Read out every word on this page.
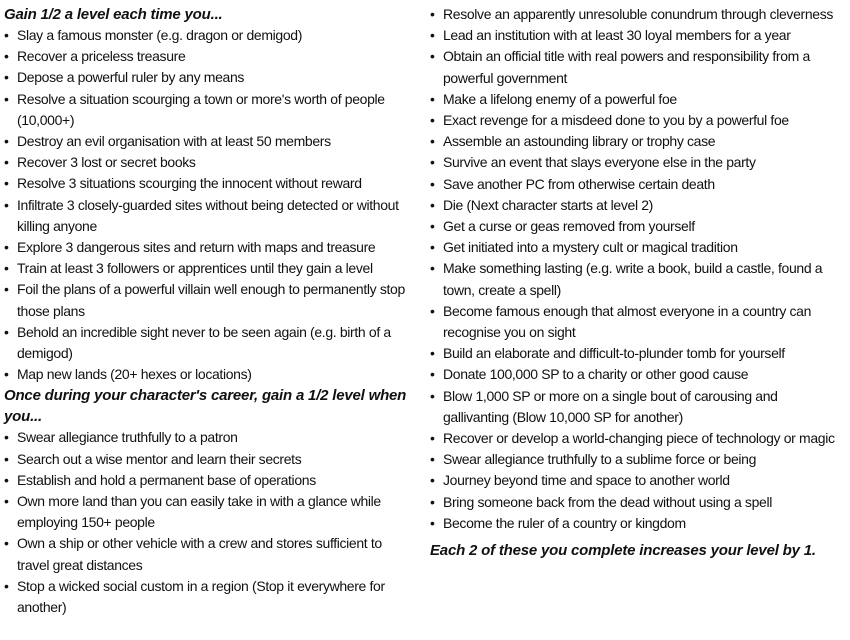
Gain 1/2 a level each time you...
• Slay a famous monster (e.g. dragon or demigod)
• Recover a priceless treasure
• Depose a powerful ruler by any means
• Resolve a situation scourging a town or more's worth of people (10,000+)
• Destroy an evil organisation with at least 50 members
• Recover 3 lost or secret books
• Resolve 3 situations scourging the innocent without reward
• Infiltrate 3 closely-guarded sites without being detected or without killing anyone
• Explore 3 dangerous sites and return with maps and treasure
• Train at least 3 followers or apprentices until they gain a level
• Foil the plans of a powerful villain well enough to permanently stop those plans
• Behold an incredible sight never to be seen again (e.g. birth of a demigod)
• Map new lands (20+ hexes or locations)
Once during your character's career, gain a 1/2 level when you...
• Swear allegiance truthfully to a patron
• Search out a wise mentor and learn their secrets
• Establish and hold a permanent base of operations
• Own more land than you can easily take in with a glance while employing 150+ people
• Own a ship or other vehicle with a crew and stores sufficient to travel great distances
• Stop a wicked social custom in a region (Stop it everywhere for another)
• Resolve an apparently unresoluble conundrum through cleverness
• Lead an institution with at least 30 loyal members for a year
• Obtain an official title with real powers and responsibility from a powerful government
• Make a lifelong enemy of a powerful foe
• Exact revenge for a misdeed done to you by a powerful foe
• Assemble an astounding library or trophy case
• Survive an event that slays everyone else in the party
• Save another PC from otherwise certain death
• Die (Next character starts at level 2)
• Get a curse or geas removed from yourself
• Get initiated into a mystery cult or magical tradition
• Make something lasting (e.g. write a book, build a castle, found a town, create a spell)
• Become famous enough that almost everyone in a country can recognise you on sight
• Build an elaborate and difficult-to-plunder tomb for yourself
• Donate 100,000 SP to a charity or other good cause
• Blow 1,000 SP or more on a single bout of carousing and gallivanting (Blow 10,000 SP for another)
• Recover or develop a world-changing piece of technology or magic
• Swear allegiance truthfully to a sublime force or being
• Journey beyond time and space to another world
• Bring someone back from the dead without using a spell
• Become the ruler of a country or kingdom
Each 2 of these you complete increases your level by 1.
